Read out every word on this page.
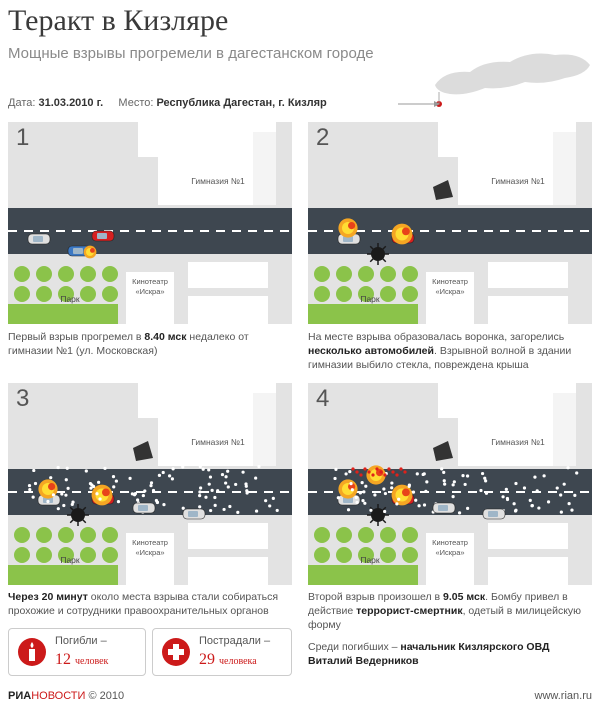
Теракт в Кизляре
Мощные взрывы прогремели в дагестанском городе
Дата: 31.03.2010 г. Место: Республика Дагестан, г. Кизляр
Гимназия №1
Парк
Кинотеатр
«Искра»
1
Гимназия №1
Парк
Кинотеатр
«Искра»
2
Гимназия №1
Парк
Кинотеатр
«Искра»
3
Гимназия №1
Парк
Кинотеатр
«Искра»
4
Первый взрыв прогремел в 8.40 мск недалеко от гимназии №1 (ул. Московская)
На месте взрыва образовалась воронка, загорелись несколько автомобилей. Взрывной волной в здании гимназии выбило стекла, повреждена крыша
Через 20 минут около места взрыва стали собираться прохожие и сотрудники правоохранительных органов
Второй взрыв произошел в 9.05 мск. Бомбу привел в действие террорист-смертник, одетый в милицейскую форму
Среди погибших – начальник Кизлярского ОВД Виталий Ведерников
Погибли –
12 человек
Пострадали –
29 человека
РИАНОВОСТИ © 2010	www.rian.ru
